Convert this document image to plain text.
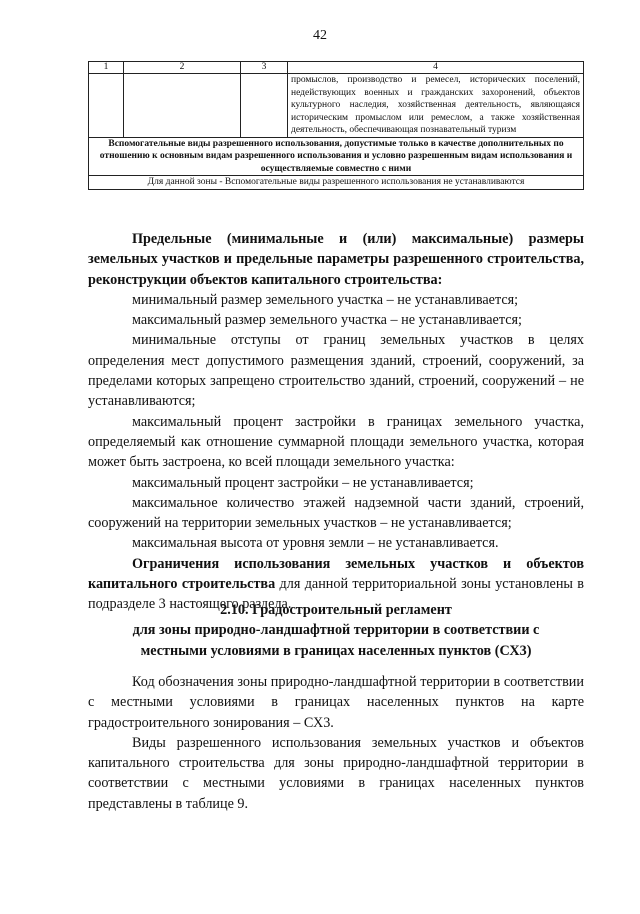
42
1	2	3	4
			промыслов, производство и ремесел, исторических поселений, недействующих военных и гражданских захоронений, объектов культурного наследия, хозяйственная деятельность, являющаяся историческим промыслом или ремеслом, а также хозяйственная деятельность, обеспечивающая познавательный туризм
Вспомогательные виды разрешенного использования, допустимые только в качестве дополнительных по отношению к основным видам разрешенного использования и условно разрешенным видам использования и осуществляемые совместно с ними			
Для данной зоны - Вспомогательные виды разрешенного использования не устанавливаются			

Предельные (минимальные и (или) максимальные) размеры земельных участков и предельные параметры разрешенного строительства, реконструкции объектов капитального строительства:

минимальный размер земельного участка – не устанавливается;

максимальный размер земельного участка – не устанавливается;

минимальные отступы от границ земельных участков в целях определения мест допустимого размещения зданий, строений, сооружений, за пределами которых запрещено строительство зданий, строений, сооружений – не устанавливаются;

максимальный процент застройки в границах земельного участка, определяемый как отношение суммарной площади земельного участка, которая может быть застроена, ко всей площади земельного участка:

максимальный процент застройки – не устанавливается;

максимальное количество этажей надземной части зданий, строений, сооружений на территории земельных участков – не устанавливается;

максимальная высота от уровня земли – не устанавливается.

Ограничения использования земельных участков и объектов капитального строительства для данной территориальной зоны установлены в подразделе 3 настоящего раздела.

2.10. Градостроительный регламент

для зоны природно-ландшафтной территории в соответствии с

местными условиями в границах населенных пунктов (СХ3)

Код обозначения зоны природно-ландшафтной территории в соответствии с местными условиями в границах населенных пунктов на карте градостроительного зонирования – СХ3.

Виды разрешенного использования земельных участков и объектов капитального строительства для зоны природно-ландшафтной территории в соответствии с местными условиями в границах населенных пунктов представлены в таблице 9.
